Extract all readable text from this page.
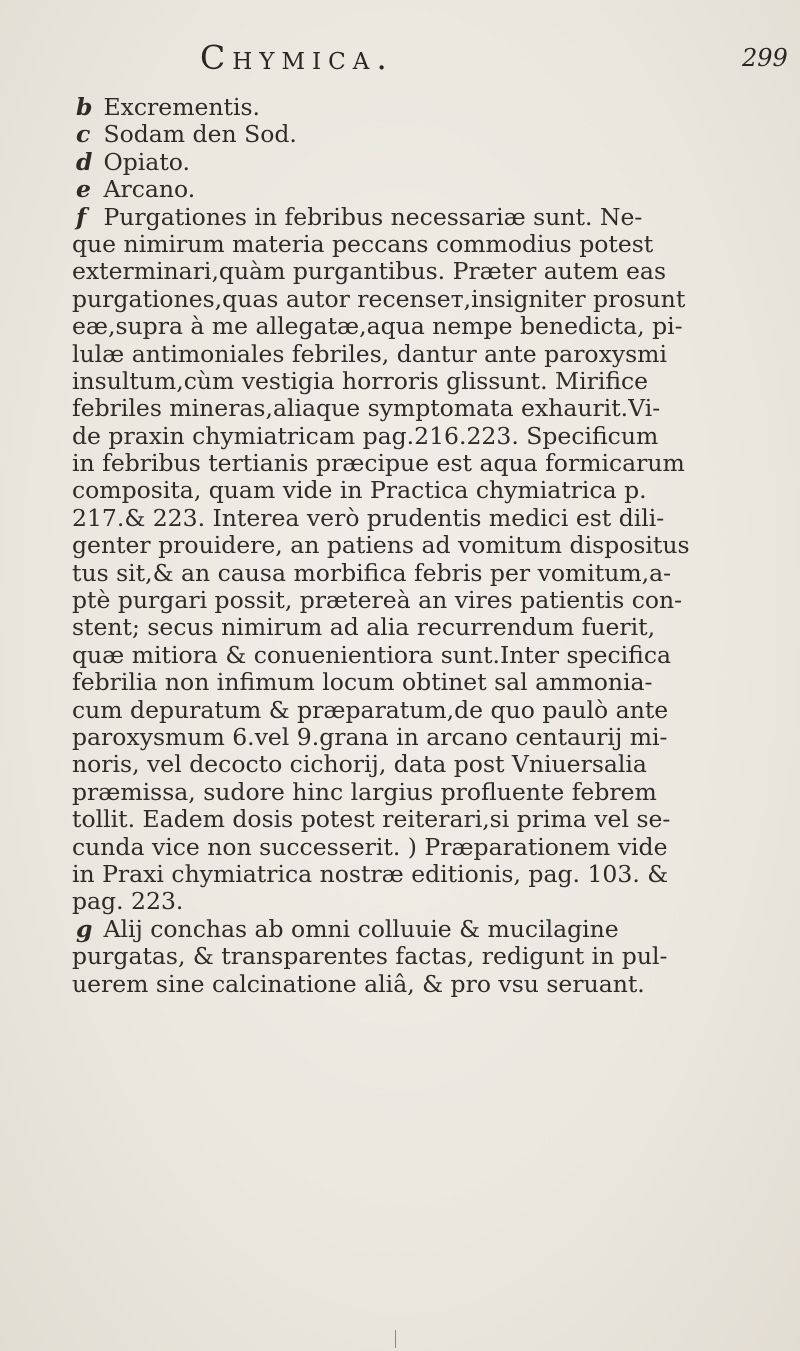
Chymica.	299
b Excrementis.
c Sodam den Sod.
d Opiato.
e Arcano.
f Purgationes in febribus necessariæ sunt. Ne-
que nimirum materia peccans commodius potest
exterminari,quàm purgantibus. Præter autem eas
purgationes,quas autor recensет,insigniter prosunt
eæ,supra à me allegatæ,aqua nempe benedicta, pi-
lulæ antimoniales febriles, dantur ante paroxysmi
insultum,cùm vestigia horroris glissunt. Mirifice
febriles mineras,aliaque symptomata exhaurit.Vi-
de praxin chymiatricam pag.216.223. Specificum
in febribus tertianis præcipue est aqua formicarum
composita, quam vide in Practica chymiatrica p.
217.& 223. Interea verò prudentis medici est dili-
genter prouidere, an patiens ad vomitum dispositus
tus sit,& an causa morbifica febris per vomitum,a-
ptè purgari possit, prætereà an vires patientis con-
stent; secus nimirum ad alia recurrendum fuerit,
quæ mitiora & conuenientiora sunt.Inter specifica
febrilia non infimum locum obtinet sal ammonia-
cum depuratum & præparatum,de quo paulò ante
paroxysmum 6.vel 9.grana in arcano centaurij mi-
noris, vel decocto cichorij, data post Vniuersalia
præmissa, sudore hinc largius profluente febrem
tollit. Eadem dosis potest reiterari,si prima vel se-
cunda vice non successerit. ) Præparationem vide
in Praxi chymiatrica nostræ editionis, pag. 103. &
pag. 223.
g Alij conchas ab omni colluuie & mucilagine
purgatas, & transparentes factas, redigunt in pul-
uerem sine calcinatione aliâ, & pro vsu seruant.
